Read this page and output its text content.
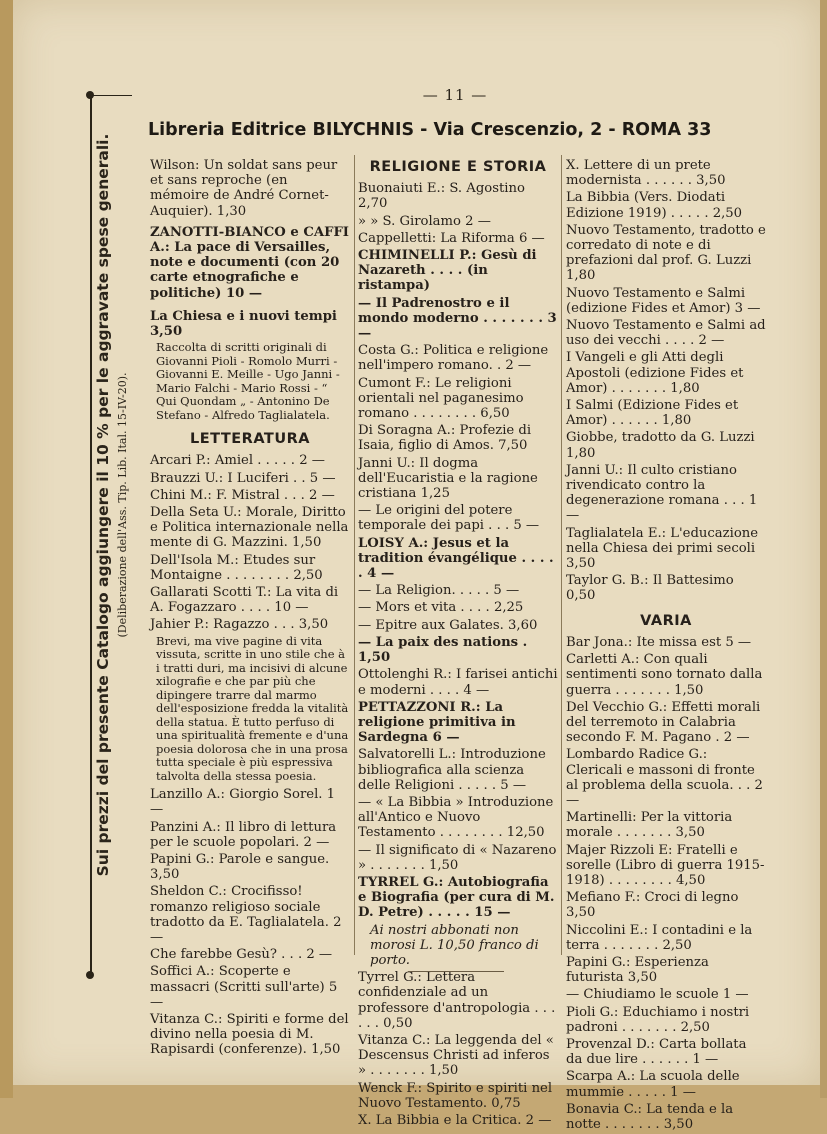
— 11 —
Libreria Editrice BILYCHNIS - Via Crescenzio, 2 - ROMA 33
Sui prezzi del presente Catalogo aggiungere il 10 % per le aggravate spese generali. (Deliberazione dell'Ass. Tip. Lib. Ital. 15-IV-20).
Wilson: Un soldat sans peur et sans reproche (en mémoire de André Cornet-Auquier). 1,30
ZANOTTI-BIANCO e CAFFI A.: La pace di Versailles, note e documenti (con 20 carte etnografiche e politiche) 10 —
La Chiesa e i nuovi tempi 3,50
Raccolta di scritti originali di Giovanni Pioli - Romolo Murri - Giovanni E. Meille - Ugo Janni - Mario Falchi - Mario Rossi - “ Qui Quondam „ - Antonino De Stefano - Alfredo Taglialatela.
LETTERATURA
Arcari P.: Amiel . . . . . 2 —
Brauzzi U.: I Luciferi . . 5 —
Chini M.: F. Mistral . . . 2 —
Della Seta U.: Morale, Diritto e Politica internazionale nella mente di G. Mazzini. 1,50
Dell'Isola M.: Etudes sur Montaigne . . . . . . . . 2,50
Gallarati Scotti T.: La vita di A. Fogazzaro . . . . 10 —
Jahier P.: Ragazzo . . . 3,50
Brevi, ma vive pagine di vita vissuta, scritte in uno stile che à i tratti duri, ma incisivi di alcune xilografie e che par più che dipingere trarre dal marmo dell'esposizione fredda la vitalità della statua. È tutto perfuso di una spiritualità fremente e d'una poesia dolorosa che in una prosa tutta speciale è più espressiva talvolta della stessa poesia.
Lanzillo A.: Giorgio Sorel. 1 —
Panzini A.: Il libro di lettura per le scuole popolari. 2 —
Papini G.: Parole e sangue. 3,50
Sheldon C.: Crocifisso! romanzo religioso sociale tradotto da E. Taglialatela. 2 —
Che farebbe Gesù? . . . 2 —
Soffici A.: Scoperte e massacri (Scritti sull'arte) 5 —
Vitanza C.: Spiriti e forme del divino nella poesia di M. Rapisardi (conferenze). 1,50
RELIGIONE E STORIA
Buonaiuti E.: S. Agostino 2,70
» » S. Girolamo 2 —
Cappelletti: La Riforma 6 —
CHIMINELLI P.: Gesù di Nazareth . . . . (in ristampa)
— Il Padrenostro e il mondo moderno . . . . . . . 3 —
Costa G.: Politica e religione nell'impero romano. . 2 —
Cumont F.: Le religioni orientali nel paganesimo romano . . . . . . . . 6,50
Di Soragna A.: Profezie di Isaia, figlio di Amos. 7,50
Janni U.: Il dogma dell'Eucaristia e la ragione cristiana 1,25
— Le origini del potere temporale dei papi . . . 5 —
LOISY A.: Jesus et la tradition évangélique . . . . . 4 —
— La Religion. . . . . 5 —
— Mors et vita . . . . 2,25
— Epitre aux Galates. 3,60
— La paix des nations . 1,50
Ottolenghi R.: I farisei antichi e moderni . . . . 4 —
PETTAZZONI R.: La religione primitiva in Sardegna 6 —
Salvatorelli L.: Introduzione bibliografica alla scienza delle Religioni . . . . . 5 —
— « La Bibbia » Introduzione all'Antico e Nuovo Testamento . . . . . . . . 12,50
— Il significato di « Nazareno » . . . . . . . 1,50
TYRREL G.: Autobiografia e Biografia (per cura di M. D. Petre) . . . . . 15 —
Ai nostri abbonati non morosi L. 10,50 franco di porto.
Tyrrel G.: Lettera confidenziale ad un professore d'antropologia . . . . . . 0,50
Vitanza C.: La leggenda del « Descensus Christi ad inferos » . . . . . . . 1,50
Wenck F.: Spirito e spiriti nel Nuovo Testamento. 0,75
X. La Bibbia e la Critica. 2 —
X. Lettere di un prete modernista . . . . . . 3,50
La Bibbia (Vers. Diodati Edizione 1919) . . . . . 2,50
Nuovo Testamento, tradotto e corredato di note e di prefazioni dal prof. G. Luzzi 1,80
Nuovo Testamento e Salmi (edizione Fides et Amor) 3 —
Nuovo Testamento e Salmi ad uso dei vecchi . . . . 2 —
I Vangeli e gli Atti degli Apostoli (edizione Fides et Amor) . . . . . . . 1,80
I Salmi (Edizione Fides et Amor) . . . . . . 1,80
Giobbe, tradotto da G. Luzzi 1,80
Janni U.: Il culto cristiano rivendicato contro la degenerazione romana . . . 1 —
Taglialatela E.: L'educazione nella Chiesa dei primi secoli 3,50
Taylor G. B.: Il Battesimo 0,50
VARIA
Bar Jona.: Ite missa est 5 —
Carletti A.: Con quali sentimenti sono tornato dalla guerra . . . . . . . 1,50
Del Vecchio G.: Effetti morali del terremoto in Calabria secondo F. M. Pagano . 2 —
Lombardo Radice G.: Clericali e massoni di fronte al problema della scuola. . . 2 —
Martinelli: Per la vittoria morale . . . . . . . 3,50
Majer Rizzoli E: Fratelli e sorelle (Libro di guerra 1915-1918) . . . . . . . . 4,50
Mefiano F.: Croci di legno 3,50
Niccolini E.: I contadini e la terra . . . . . . . 2,50
Papini G.: Esperienza futurista 3,50
— Chiudiamo le scuole 1 —
Pioli G.: Educhiamo i nostri padroni . . . . . . . 2,50
Provenzal D.: Carta bollata da due lire . . . . . . 1 —
Scarpa A.: La scuola delle mummie . . . . . 1 —
Bonavia C.: La tenda e la notte . . . . . . . 3,50
